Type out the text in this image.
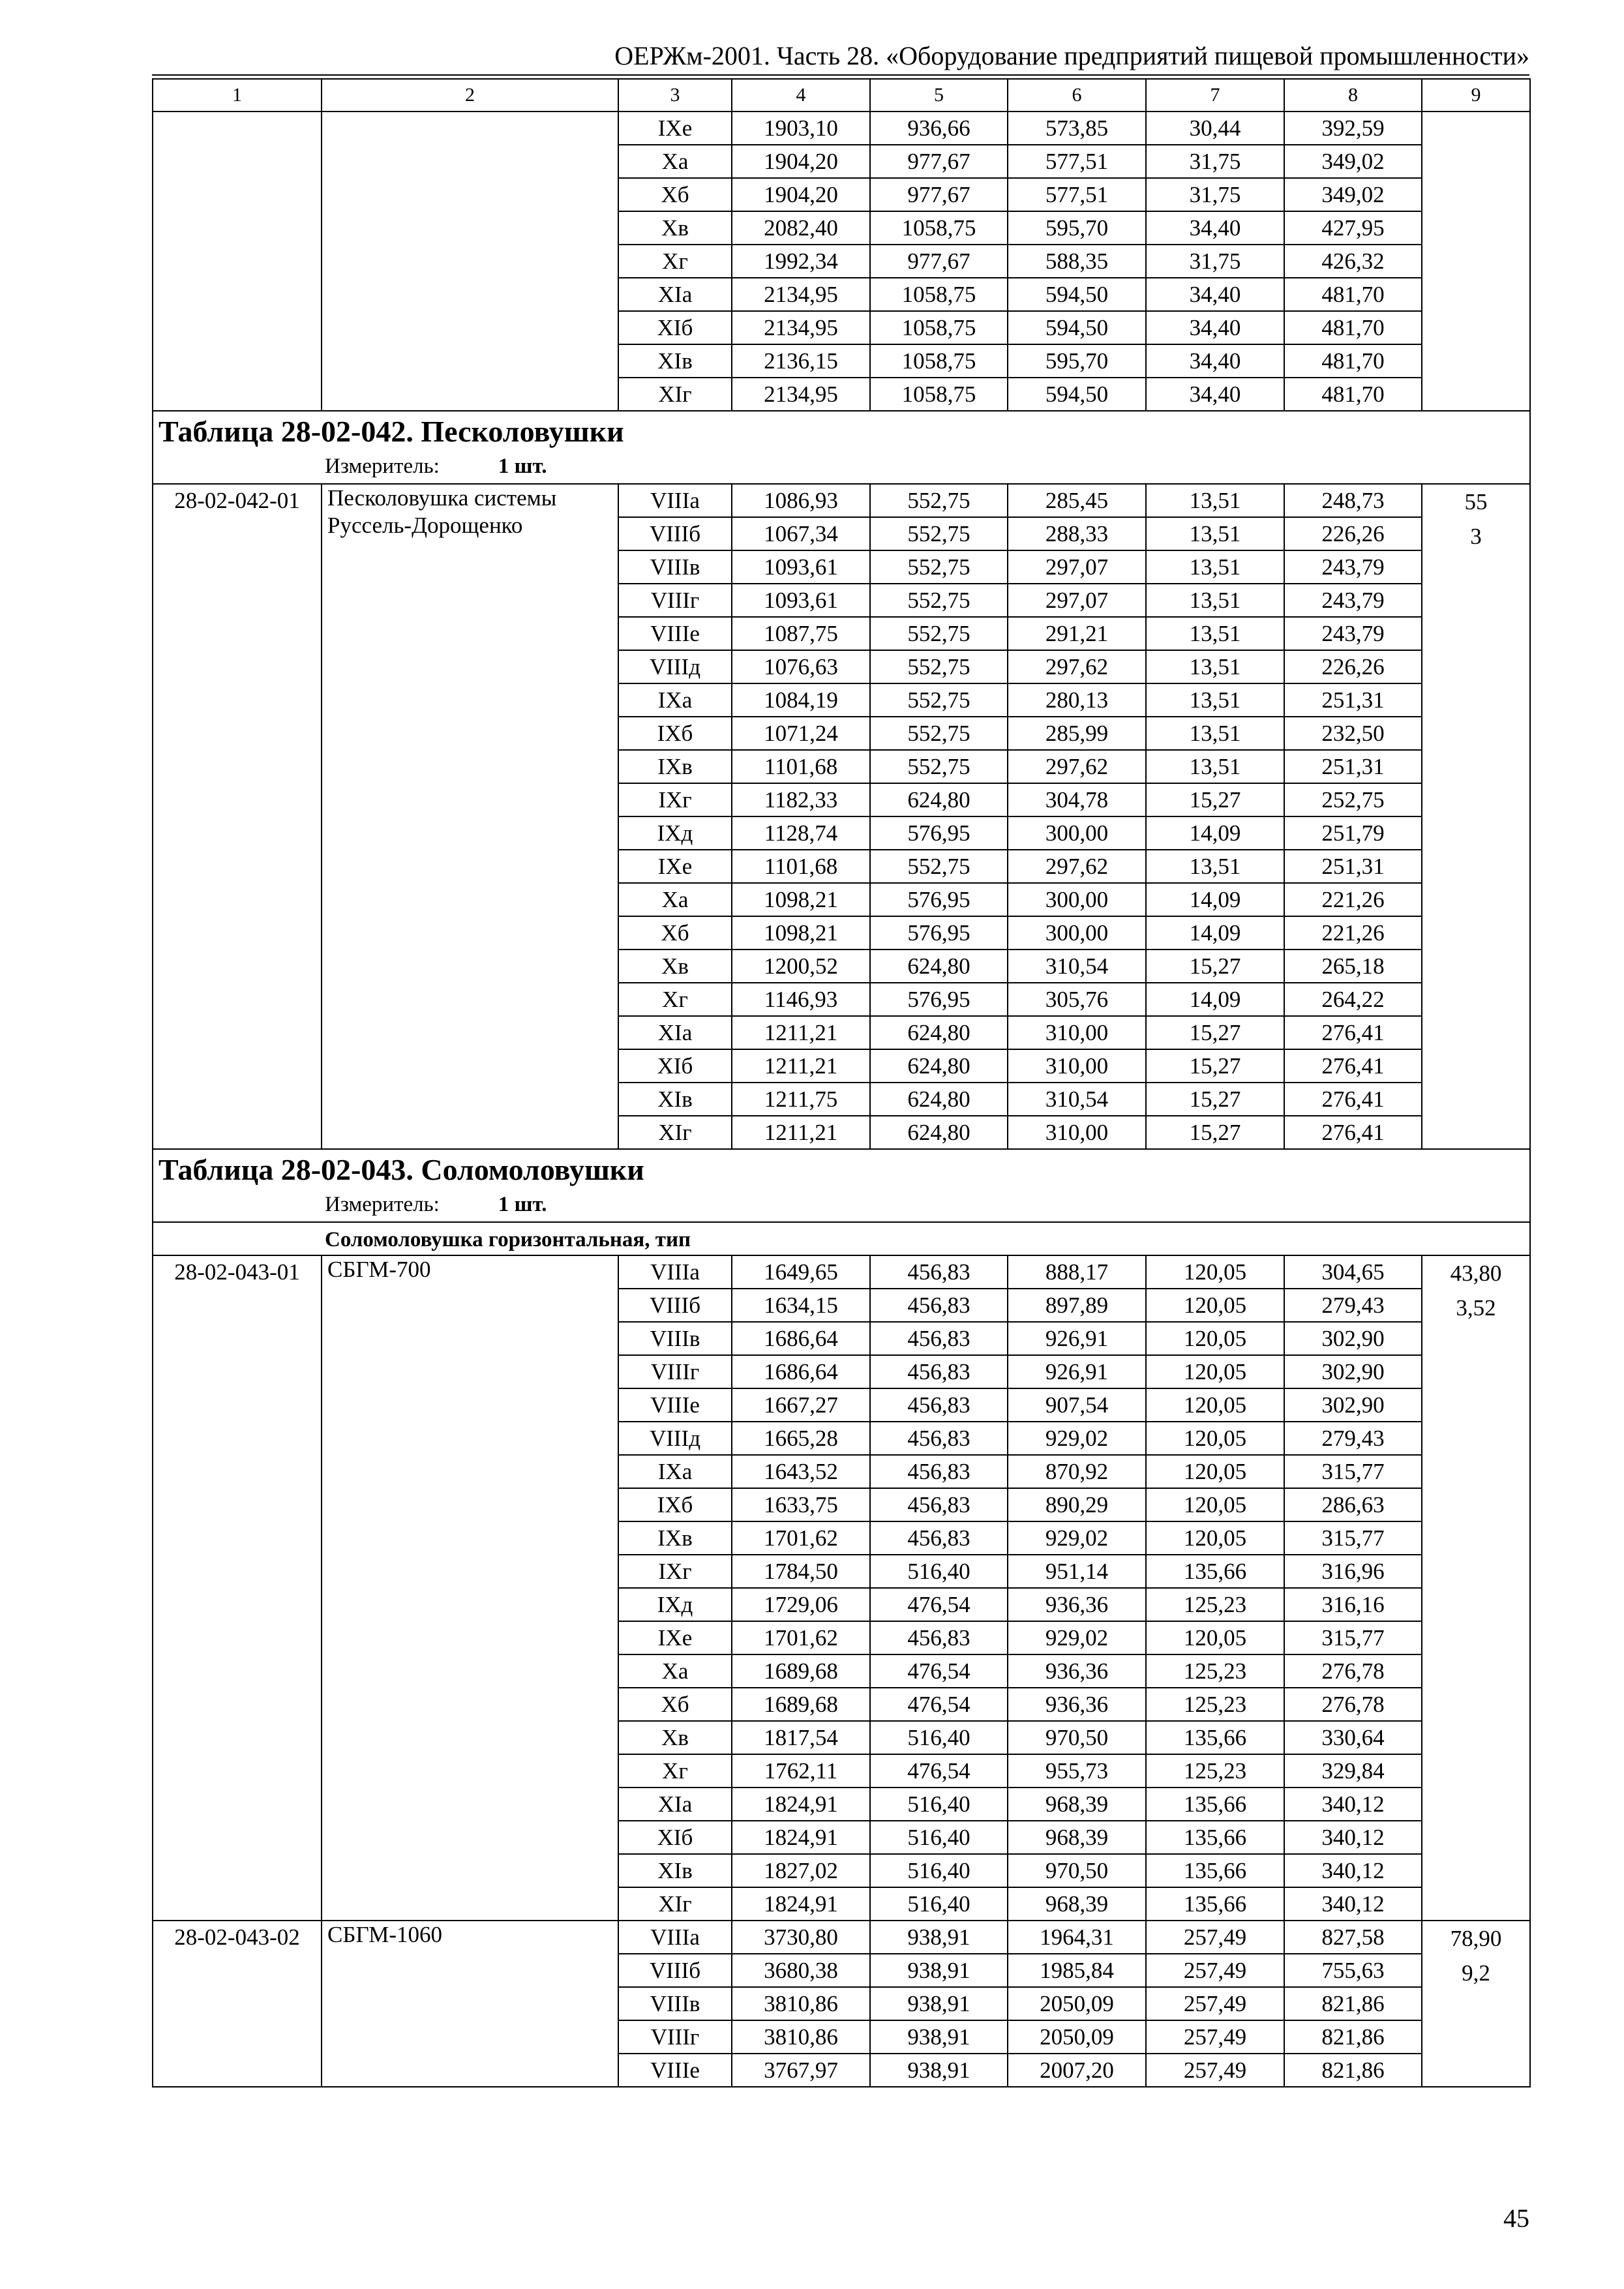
ОЕРЖм-2001. Часть 28. «Оборудование предприятий пищевой промышленности»
1	2	3	4	5	6	7	8	9
		IXе	1903,10	936,66	573,85	30,44	392,59	
		Xа	1904,20	977,67	577,51	31,75	349,02	
		Xб	1904,20	977,67	577,51	31,75	349,02	
		Xв	2082,40	1058,75	595,70	34,40	427,95	
		Xг	1992,34	977,67	588,35	31,75	426,32	
		XIа	2134,95	1058,75	594,50	34,40	481,70	
		XIб	2134,95	1058,75	594,50	34,40	481,70	
		XIв	2136,15	1058,75	595,70	34,40	481,70	
		XIг	2134,95	1058,75	594,50	34,40	481,70	

Таблица 28-02-042. Песколовушки
Измеритель: 1 шт.								

28-02-042-01	Песколовушка системы Руссель-Дорощенко	VIIIа	1086,93	552,75	285,45	13,51	248,73	55
3

		VIIIб	1067,34	552,75	288,33	13,51	226,26	
		VIIIв	1093,61	552,75	297,07	13,51	243,79	
		VIIIг	1093,61	552,75	297,07	13,51	243,79	
		VIIIе	1087,75	552,75	291,21	13,51	243,79	
		VIIIд	1076,63	552,75	297,62	13,51	226,26	
		IXа	1084,19	552,75	280,13	13,51	251,31	
		IXб	1071,24	552,75	285,99	13,51	232,50	
		IXв	1101,68	552,75	297,62	13,51	251,31	
		IXг	1182,33	624,80	304,78	15,27	252,75	
		IXд	1128,74	576,95	300,00	14,09	251,79	
		IXе	1101,68	552,75	297,62	13,51	251,31	
		Xа	1098,21	576,95	300,00	14,09	221,26	
		Xб	1098,21	576,95	300,00	14,09	221,26	
		Xв	1200,52	624,80	310,54	15,27	265,18	
		Xг	1146,93	576,95	305,76	14,09	264,22	
		XIа	1211,21	624,80	310,00	15,27	276,41	
		XIб	1211,21	624,80	310,00	15,27	276,41	
		XIв	1211,75	624,80	310,54	15,27	276,41	
		XIг	1211,21	624,80	310,00	15,27	276,41	

Таблица 28-02-043. Соломоловушки
Измеритель: 1 шт.								

Соломоловушка горизонтальная, тип								
28-02-043-01	СБГМ-700	VIIIа	1649,65	456,83	888,17	120,05	304,65	43,80
3,52

		VIIIб	1634,15	456,83	897,89	120,05	279,43	
		VIIIв	1686,64	456,83	926,91	120,05	302,90	
		VIIIг	1686,64	456,83	926,91	120,05	302,90	
		VIIIе	1667,27	456,83	907,54	120,05	302,90	
		VIIIд	1665,28	456,83	929,02	120,05	279,43	
		IXа	1643,52	456,83	870,92	120,05	315,77	
		IXб	1633,75	456,83	890,29	120,05	286,63	
		IXв	1701,62	456,83	929,02	120,05	315,77	
		IXг	1784,50	516,40	951,14	135,66	316,96	
		IXд	1729,06	476,54	936,36	125,23	316,16	
		IXе	1701,62	456,83	929,02	120,05	315,77	
		Xа	1689,68	476,54	936,36	125,23	276,78	
		Xб	1689,68	476,54	936,36	125,23	276,78	
		Xв	1817,54	516,40	970,50	135,66	330,64	
		Xг	1762,11	476,54	955,73	125,23	329,84	
		XIа	1824,91	516,40	968,39	135,66	340,12	
		XIб	1824,91	516,40	968,39	135,66	340,12	
		XIв	1827,02	516,40	970,50	135,66	340,12	
		XIг	1824,91	516,40	968,39	135,66	340,12	
28-02-043-02	СБГМ-1060	VIIIа	3730,80	938,91	1964,31	257,49	827,58	78,90
9,2

		VIIIб	3680,38	938,91	1985,84	257,49	755,63	
		VIIIв	3810,86	938,91	2050,09	257,49	821,86	
		VIIIг	3810,86	938,91	2050,09	257,49	821,86	
		VIIIе	3767,97	938,91	2007,20	257,49	821,86	
45
